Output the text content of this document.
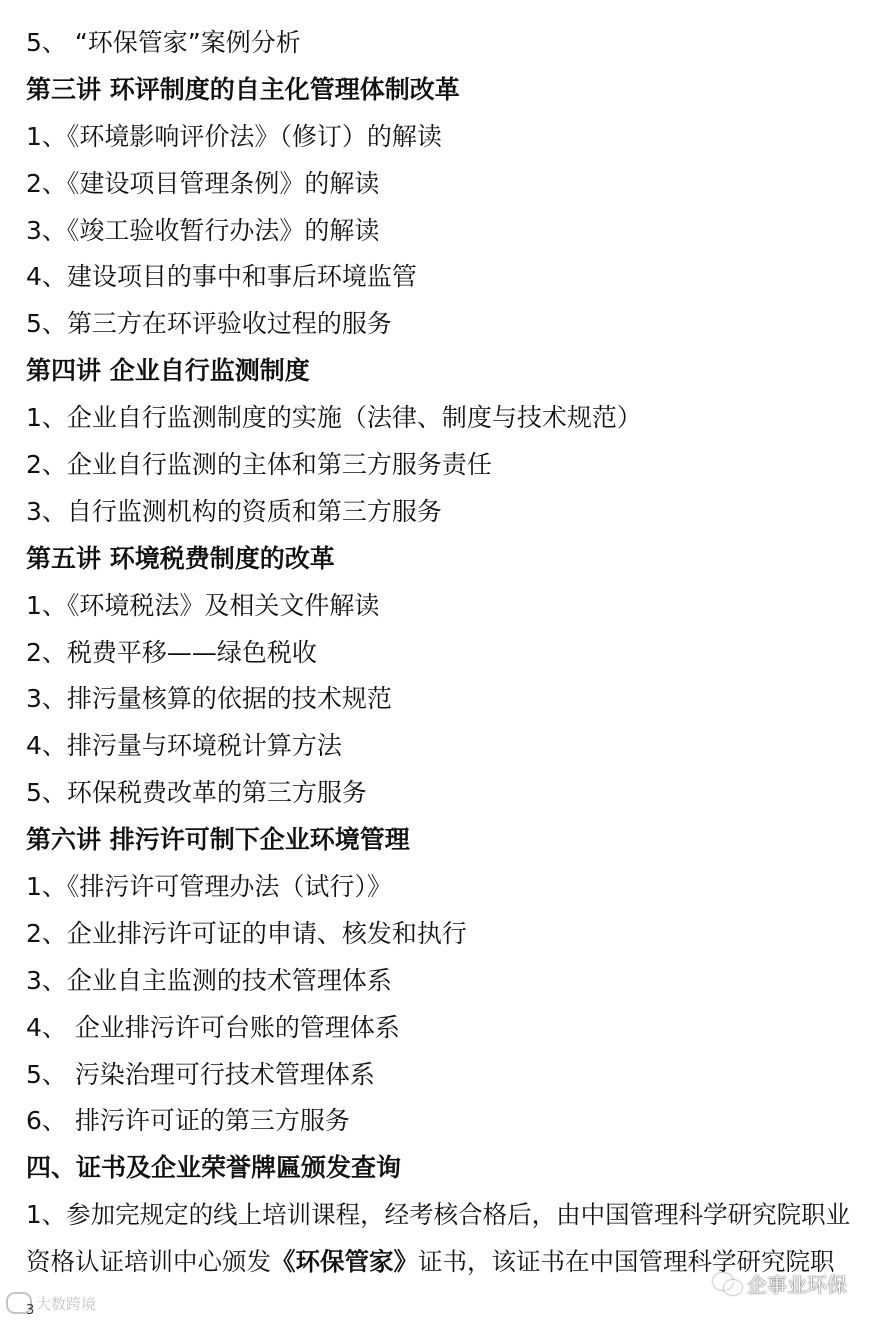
5、 “环保管家”案例分析
第三讲 环评制度的自主化管理体制改革
1、《环境影响评价法》（修订）的解读
2、《建设项目管理条例》的解读
3、《竣工验收暂行办法》的解读
4、建设项目的事中和事后环境监管
5、第三方在环评验收过程的服务
第四讲 企业自行监测制度
1、企业自行监测制度的实施（法律、制度与技术规范）
2、企业自行监测的主体和第三方服务责任
3、自行监测机构的资质和第三方服务
第五讲 环境税费制度的改革
1、《环境税法》及相关文件解读
2、税费平移——绿色税收
3、排污量核算的依据的技术规范
4、排污量与环境税计算方法
5、环保税费改革的第三方服务
第六讲 排污许可制下企业环境管理
1、《排污许可管理办法（试行）》
2、企业排污许可证的申请、核发和执行
3、企业自主监测的技术管理体系
4、 企业排污许可台账的管理体系
5、 污染治理可行技术管理体系
6、 排污许可证的第三方服务
四、证书及企业荣誉牌匾颁发查询
1、参加完规定的线上培训课程，经考核合格后，由中国管理科学研究院职业资格认证培训中心颁发《环保管家》证书，该证书在中国管理科学研究院职
大数跨境
3
企事业环保
